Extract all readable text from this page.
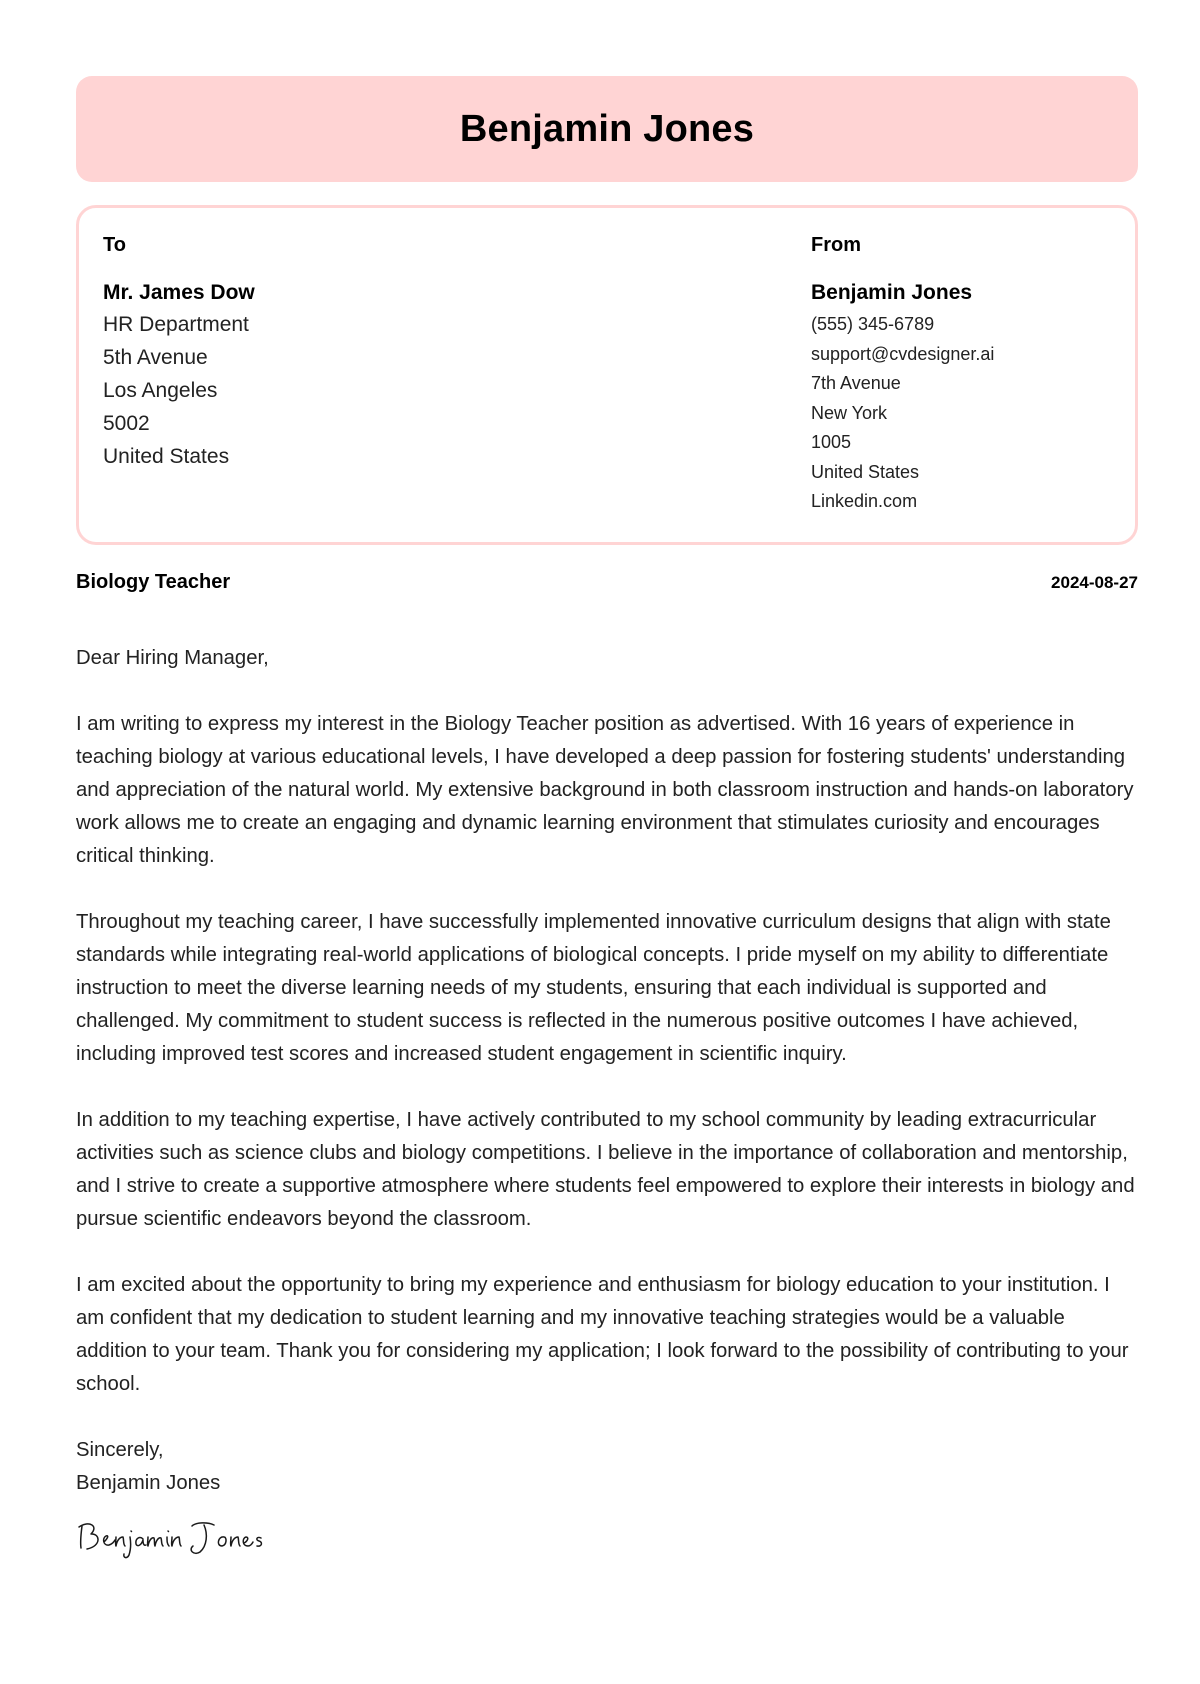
Benjamin Jones
To
Mr. James Dow
HR Department
5th Avenue
Los Angeles
5002
United States
From
Benjamin Jones
(555) 345-6789
support@cvdesigner.ai
7th Avenue
New York
1005
United States
Linkedin.com
Biology Teacher	2024-08-27

Dear Hiring Manager,

I am writing to express my interest in the Biology Teacher position as advertised. With 16 years of experience in teaching biology at various educational levels, I have developed a deep passion for fostering students' understanding and appreciation of the natural world. My extensive background in both classroom instruction and hands-on laboratory work allows me to create an engaging and dynamic learning environment that stimulates curiosity and encourages critical thinking.

Throughout my teaching career, I have successfully implemented innovative curriculum designs that align with state standards while integrating real-world applications of biological concepts. I pride myself on my ability to differentiate instruction to meet the diverse learning needs of my students, ensuring that each individual is supported and challenged. My commitment to student success is reflected in the numerous positive outcomes I have achieved, including improved test scores and increased student engagement in scientific inquiry.

In addition to my teaching expertise, I have actively contributed to my school community by leading extracurricular activities such as science clubs and biology competitions. I believe in the importance of collaboration and mentorship, and I strive to create a supportive atmosphere where students feel empowered to explore their interests in biology and pursue scientific endeavors beyond the classroom.

I am excited about the opportunity to bring my experience and enthusiasm for biology education to your institution. I am confident that my dedication to student learning and my innovative teaching strategies would be a valuable addition to your team. Thank you for considering my application; I look forward to the possibility of contributing to your school.

Sincerely,
Benjamin Jones
